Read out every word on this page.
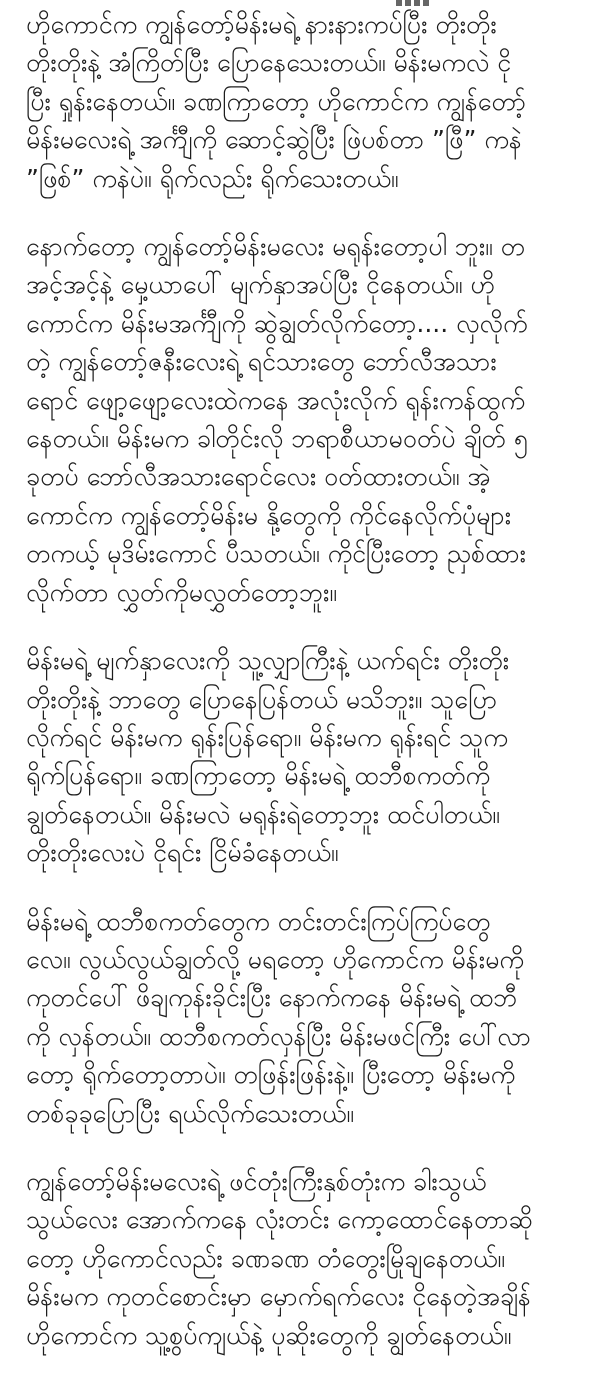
ဟိုကောင်က ကျွန်တော့်မိန်းမရဲ့ နားနားကပ်ပြီး တိုးတိုး
တိုးတိုးနဲ့ အံကြိတ်ပြီး ပြောနေသေးတယ်။ မိန်းမကလဲ ငို
ပြီး ရှုန်းနေတယ်။ ခဏကြာတော့ ဟိုကောင်က ကျွန်တော့်
မိန်းမလေးရဲ့ အင်္ကျီကို ဆောင့်ဆွဲပြီး ဖြဲပစ်တာ ”ဖြီ” ကနဲ
”ဖြစ်” ကနဲပဲ။ ရိုက်လည်း ရိုက်သေးတယ်။
နောက်တော့ ကျွန်တော့်မိန်းမလေး မရုန်းတော့ပါ ဘူး။ တ
အင့်အင့်နဲ့ မှေ့ယာပေါ် မျက်နှာအပ်ပြီး ငိုနေတယ်။ ဟို
ကောင်က မိန်းမအင်္ကျီကို ဆွဲချွတ်လိုက်တော့.... လှလိုက်
တဲ့ ကျွန်တော့်ဇနီးလေးရဲ့ ရင်သားတွေ ဘော်လီအသား
ရောင် ဖျော့ဖျော့လေးထဲကနေ အလုံးလိုက် ရုန်းကန်ထွက်
နေတယ်။ မိန်းမက ခါတိုင်းလို ဘရာစီယာမဝတ်ပဲ ချိတ် ၅
ခုတပ် ဘော်လီအသားရောင်လေး ဝတ်ထားတယ်။ အဲ့
ကောင်က ကျွန်တော့်မိန်းမ နို့တွေကို ကိုင်နေလိုက်ပုံများ
တကယ့် မုဒိမ်းကောင် ပီသတယ်။ ကိုင်ပြီးတော့ ညှစ်ထား
လိုက်တာ လွှတ်ကိုမလွှတ်တော့ဘူး။
မိန်းမရဲ့ မျက်နှာလေးကို သူ့လျှာကြီးနဲ့ ယက်ရင်း တိုးတိုး
တိုးတိုးနဲ့ ဘာတွေ ပြောနေပြန်တယ် မသိဘူး။ သူပြော
လိုက်ရင် မိန်းမက ရုန်းပြန်ရော။ မိန်းမက ရုန်းရင် သူက
ရိုက်ပြန်ရော။ ခဏကြာတော့ မိန်းမရဲ့ ထဘီစကတ်ကို
ချွတ်နေတယ်။ မိန်းမလဲ မရုန်းရဲတော့ဘူး ထင်ပါတယ်။
တိုးတိုးလေးပဲ ငိုရင်း ငြိမ်ခံနေတယ်။
မိန်းမရဲ့ ထဘီစကတ်တွေက တင်းတင်းကြပ်ကြပ်တွေ
လေ။ လွယ်လွယ်ချွတ်လို့ မရတော့ ဟိုကောင်က မိန်းမကို
ကုတင်ပေါ် ဖိချကုန်းခိုင်းပြီး နောက်ကနေ မိန်းမရဲ့ ထဘီ
ကို လှန်တယ်။ ထဘီစကတ်လှန်ပြီး မိန်းမဖင်ကြီး ပေါ်လာ
တော့ ရိုက်တော့တာပဲ။ တဖြန်းဖြန်းနဲ့။ ပြီးတော့ မိန်းမကို
တစ်ခုခုပြောပြီး ရယ်လိုက်သေးတယ်။
ကျွန်တော့်မိန်းမလေးရဲ့ ဖင်တုံးကြီးနှစ်တုံးက ခါးသွယ်
သွယ်လေး အောက်ကနေ လုံးတင်း ကော့ထောင်နေတာဆို
တော့ ဟိုကောင်လည်း ခဏခဏ တံတွေးမြိုချနေတယ်။
မိန်းမက ကုတင်စောင်းမှာ မှောက်ရက်လေး ငိုနေတဲ့အချိန်
ဟိုကောင်က သူ့စွပ်ကျယ်နဲ့ ပုဆိုးတွေကို ချွတ်နေတယ်။
